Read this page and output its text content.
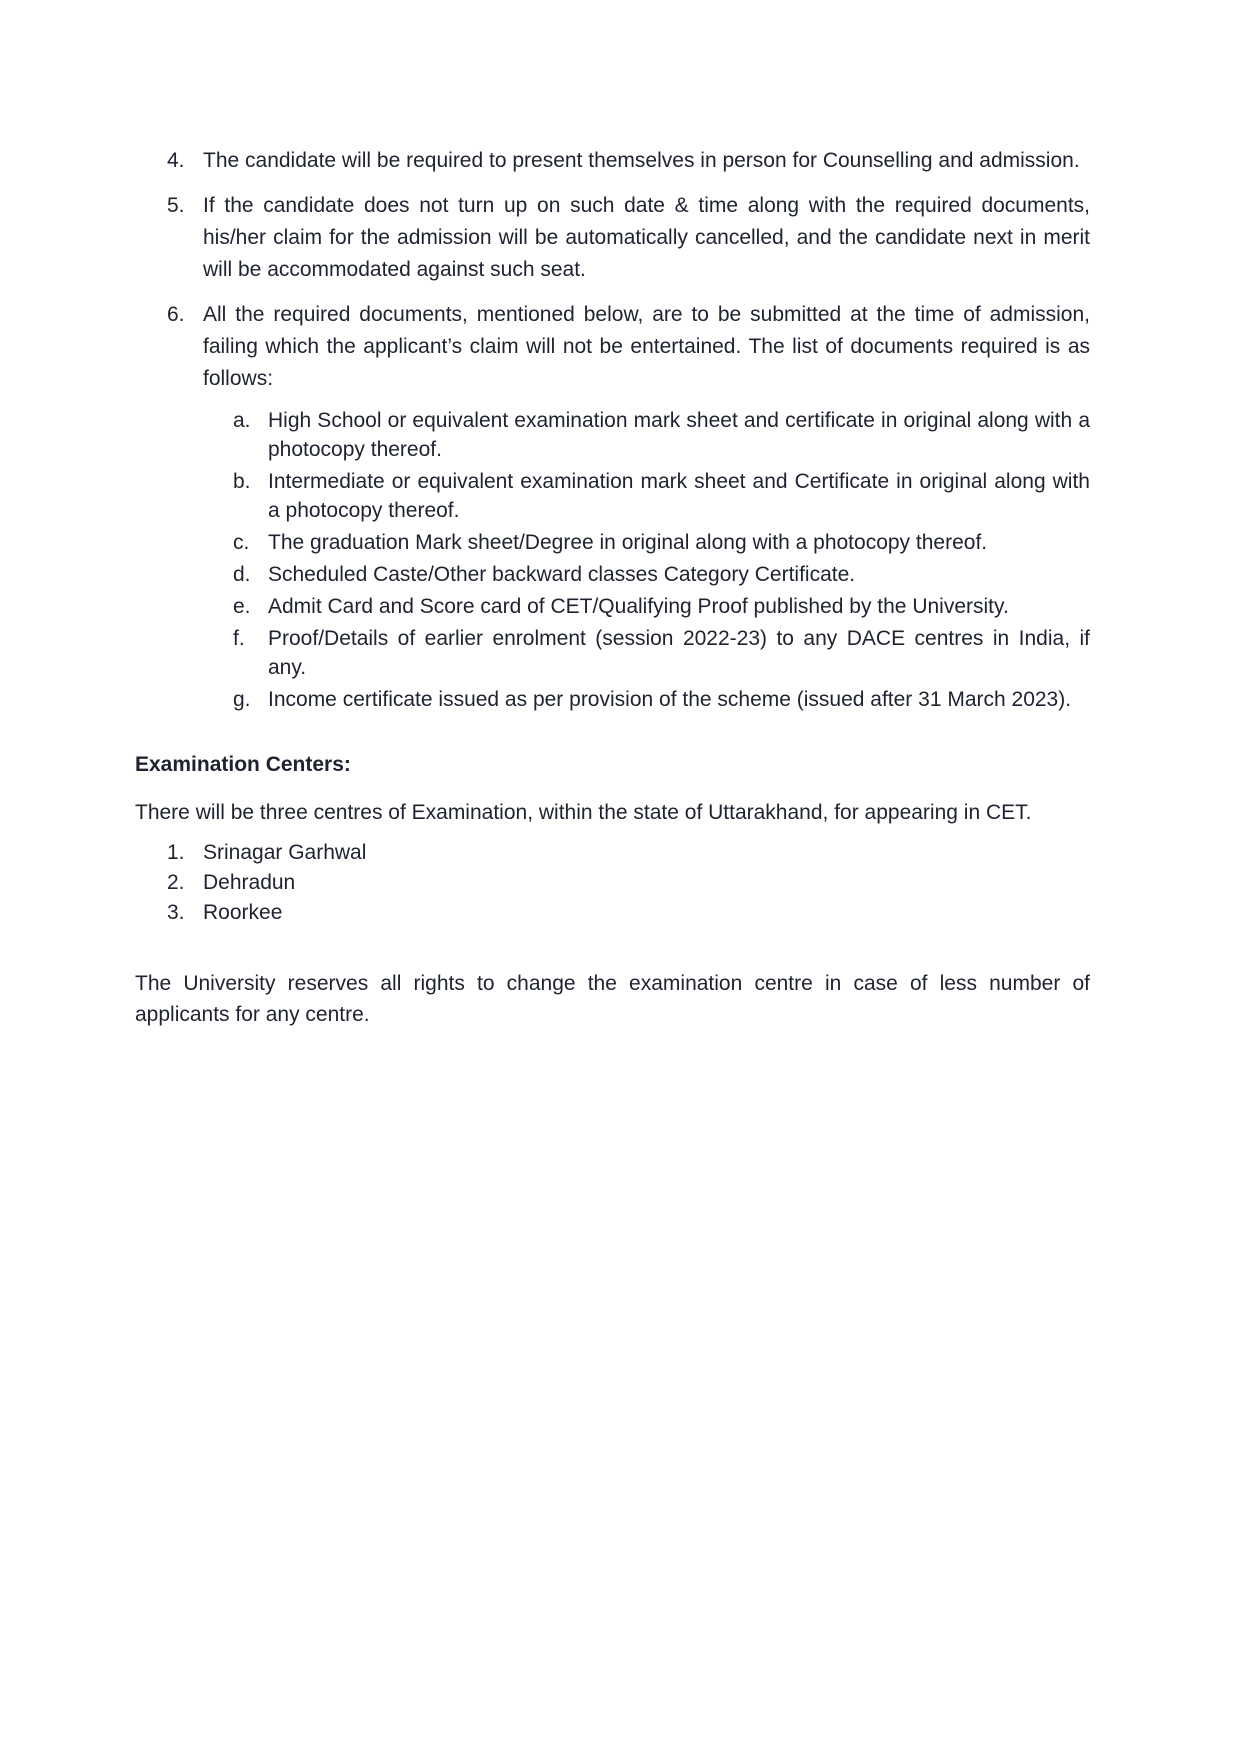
4. The candidate will be required to present themselves in person for Counselling and admission.
5. If the candidate does not turn up on such date & time along with the required documents, his/her claim for the admission will be automatically cancelled, and the candidate next in merit will be accommodated against such seat.
6. All the required documents, mentioned below, are to be submitted at the time of admission, failing which the applicant’s claim will not be entertained. The list of documents required is as follows:
a. High School or equivalent examination mark sheet and certificate in original along with a photocopy thereof.
b. Intermediate or equivalent examination mark sheet and Certificate in original along with a photocopy thereof.
c. The graduation Mark sheet/Degree in original along with a photocopy thereof.
d. Scheduled Caste/Other backward classes Category Certificate.
e. Admit Card and Score card of CET/Qualifying Proof published by the University.
f. Proof/Details of earlier enrolment (session 2022-23) to any DACE centres in India, if any.
g. Income certificate issued as per provision of the scheme (issued after 31 March 2023).
Examination Centers:

There will be three centres of Examination, within the state of Uttarakhand, for appearing in CET.

1. Srinagar Garhwal
2. Dehradun
3. Roorkee

The University reserves all rights to change the examination centre in case of less number of applicants for any centre.
